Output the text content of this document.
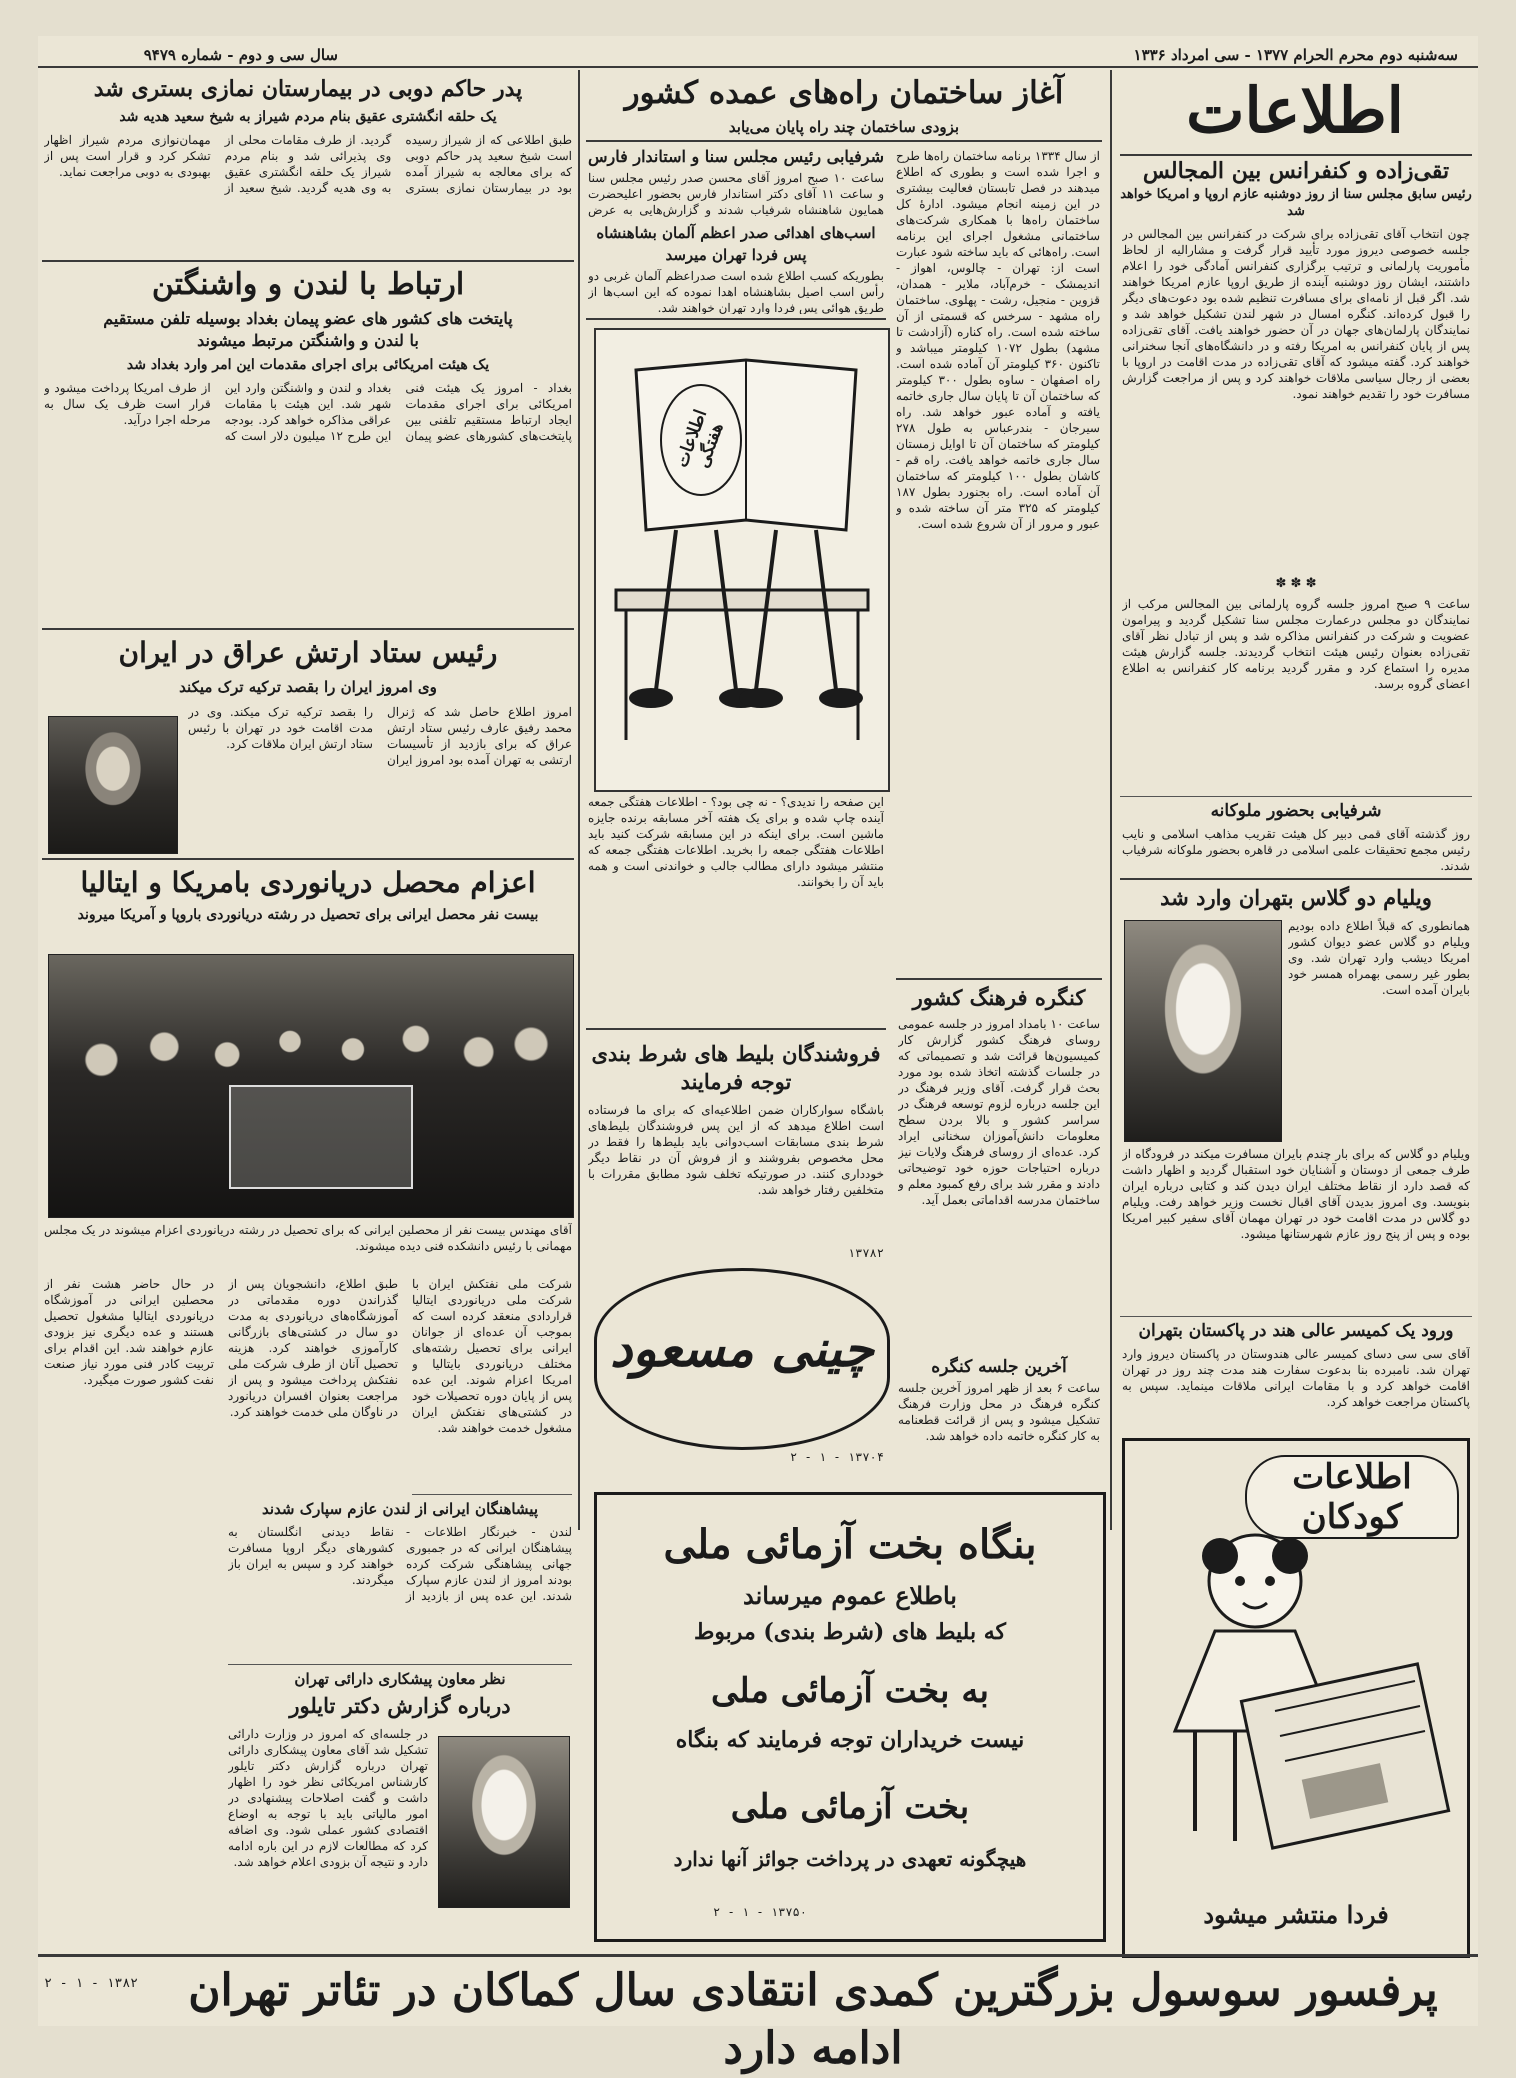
سه‌شنبه دوم محرم الحرام ۱۳۷۷ - سی امرداد ۱۳۳۶
سال سی و دوم - شماره ۹۴۷۹
اطلاعات
تقی‌زاده و کنفرانس بین المجالس
رئیس سابق مجلس سنا از روز دوشنبه عازم اروپا و امریکا خواهد شد
چون انتخاب آقای تقی‌زاده برای شرکت در کنفرانس بین المجالس در جلسه خصوصی دیروز مورد تأیید قرار گرفت و مشارالیه از لحاظ مأموریت پارلمانی و ترتیب برگزاری کنفرانس آمادگی خود را اعلام داشتند، ایشان روز دوشنبه آینده از طریق اروپا عازم امریکا خواهند شد. اگر قبل از نامه‌ای برای مسافرت تنظیم شده بود دعوت‌های دیگر را قبول کرده‌اند. کنگره امسال در شهر لندن تشکیل خواهد شد و نمایندگان پارلمان‌های جهان در آن حضور خواهند یافت. آقای تقی‌زاده پس از پایان کنفرانس به امریکا رفته و در دانشگاه‌های آنجا سخنرانی خواهند کرد. گفته میشود که آقای تقی‌زاده در مدت اقامت در اروپا با بعضی از رجال سیاسی ملاقات خواهند کرد و پس از مراجعت گزارش مسافرت خود را تقدیم خواهند نمود.
✽ ✽ ✽
ساعت ۹ صبح امروز جلسه گروه پارلمانی بین المجالس مرکب از نمایندگان دو مجلس درعمارت مجلس سنا تشکیل گردید و پیرامون عضویت و شرکت در کنفرانس مذاکره شد و پس از تبادل نظر آقای تقی‌زاده بعنوان رئیس هیئت انتخاب گردیدند. جلسه گزارش هیئت مدیره را استماع کرد و مقرر گردید برنامه کار کنفرانس به اطلاع اعضای گروه برسد.
شرفیابی بحضور ملوکانه
روز گذشته آقای قمی دبیر کل هیئت تقریب مذاهب اسلامی و نایب رئیس مجمع تحقیقات علمی اسلامی در قاهره بحضور ملوکانه شرفیاب شدند.
ویلیام دو گلاس بتهران وارد شد
همانطوری که قبلاً اطلاع داده بودیم ویلیام دو گلاس عضو دیوان کشور امریکا دیشب وارد تهران شد. وی بطور غیر رسمی بهمراه همسر خود بایران آمده است.
ویلیام دو گلاس که برای بار چندم بایران مسافرت میکند در فرودگاه از طرف جمعی از دوستان و آشنایان خود استقبال گردید و اظهار داشت که قصد دارد از نقاط مختلف ایران دیدن کند و کتابی درباره ایران بنویسد. وی امروز بدیدن آقای اقبال نخست وزیر خواهد رفت. ویلیام دو گلاس در مدت اقامت خود در تهران مهمان آقای سفیر کبیر امریکا بوده و پس از پنج روز عازم شهرستانها میشود.
ورود یک کمیسر عالی هند در پاکستان بتهران
آقای سی سی‌ دسای کمیسر عالی هندوستان در پاکستان دیروز وارد تهران شد. نامبرده بنا بدعوت سفارت هند مدت چند روز در تهران اقامت خواهد کرد و با مقامات ایرانی ملاقات مینماید. سپس به پاکستان مراجعت خواهد کرد.
اطلاعات کودکان
فردا منتشر میشود
آغاز ساختمان راه‌های عمده کشور
بزودی ساختمان چند راه پایان می‌یابد
شرفیابی رئیس مجلس سنا و استاندار فارس
ساعت ۱۰ صبح امروز آقای محسن صدر رئیس مجلس سنا و ساعت ۱۱ آقای دکتر استاندار فارس بحضور اعلیحضرت همایون شاهنشاه شرفیاب شدند و گزارش‌هایی به عرض
اسب‌های اهدائی صدر اعظم آلمان بشاهنشاه پس فردا تهران میرسد
بطوریکه کسب اطلاع شده است صدراعظم آلمان غربی دو رأس اسب اصیل بشاهنشاه اهدا نموده که این اسب‌ها از طریق هوائی پس فردا وارد تهران خواهند شد.
از سال ۱۳۳۴ برنامه ساختمان راه‌ها طرح و اجرا شده است و بطوری که اطلاع میدهند در فصل تابستان فعالیت بیشتری در این زمینه انجام میشود. ادارهٔ کل ساختمان راه‌ها با همکاری شرکت‌های ساختمانی مشغول اجرای این برنامه است. راه‌هائی که باید ساخته شود عبارت است از: تهران - چالوس، اهواز - اندیمشک - خرم‌آباد، ملایر - همدان، قزوین - منجیل، رشت - پهلوی. ساختمان راه مشهد - سرخس که قسمتی از آن ساخته شده است. راه کناره (آزادشت تا مشهد) بطول ۱۰۷۲ کیلومتر میباشد و تاکنون ۳۶۰ کیلومتر آن آماده شده است. راه اصفهان - ساوه بطول ۳۰۰ کیلومتر که ساختمان آن تا پایان سال جاری خاتمه یافته و آماده عبور خواهد شد. راه سیرجان - بندرعباس به طول ۲۷۸ کیلومتر که ساختمان آن تا اوایل زمستان سال جاری خاتمه خواهد یافت. راه قم - کاشان بطول ۱۰۰ کیلومتر که ساختمان آن آماده است. راه بجنورد بطول ۱۸۷ کیلومتر که ۳۲۵ متر آن ساخته شده و عبور و مرور از آن شروع شده است.
اطلاعات هفتگی
این صفحه را ندیدی؟ - نه چی بود؟ - اطلاعات هفتگی جمعه آینده چاپ شده و برای یک هفته آخر مسابقه برنده جایزه ماشین است. برای اینکه در این مسابقه شرکت کنید باید اطلاعات هفتگی جمعه را بخرید. اطلاعات هفتگی جمعه که منتشر میشود دارای مطالب جالب و خواندنی است و همه باید آن را بخوانند.
فروشندگان بلیط های شرط بندی
توجه فرمایند
باشگاه سوارکاران ضمن اطلاعیه‌ای که برای ما فرستاده است اطلاع میدهد که از این پس فروشندگان بلیط‌های شرط بندی مسابقات اسب‌دوانی باید بلیط‌ها را فقط در محل مخصوص بفروشند و از فروش آن در نقاط دیگر خودداری کنند. در صورتیکه تخلف شود مطابق مقررات با متخلفین رفتار خواهد شد.
۱۳۷۸۲
کنگره فرهنگ کشور
ساعت ۱۰ بامداد امروز در جلسه عمومی روسای فرهنگ کشور گزارش کار کمیسیون‌ها قرائت شد و تصمیماتی که در جلسات گذشته اتخاذ شده بود مورد بحث قرار گرفت. آقای وزیر فرهنگ در این جلسه درباره لزوم توسعه فرهنگ در سراسر کشور و بالا بردن سطح معلومات دانش‌آموزان سخنانی ایراد کرد. عده‌ای از روسای فرهنگ ولایات نیز درباره احتیاجات حوزه خود توضیحاتی دادند و مقرر شد برای رفع کمبود معلم و ساختمان مدرسه اقداماتی بعمل آید.
آخرین جلسه کنگره
ساعت ۶ بعد از ظهر امروز آخرین جلسه کنگره فرهنگ در محل وزارت فرهنگ تشکیل میشود و پس از قرائت قطعنامه به کار کنگره خاتمه داده خواهد شد.
چینی مسعود
۱۳۷۰۴ - ۱ - ۲
پدر حاکم دوبی در بیمارستان نمازی بستری شد
یک حلقه انگشتری عقیق بنام مردم شیراز به شیخ سعید هدیه شد
طبق اطلاعی که از شیراز رسیده است شیخ سعید پدر حاکم دوبی که برای معالجه به شیراز آمده بود در بیمارستان نمازی بستری گردید. از طرف مقامات محلی از وی پذیرائی شد و بنام مردم شیراز یک حلقه انگشتری عقیق به وی هدیه گردید. شیخ سعید از مهمان‌نوازی مردم شیراز اظهار تشکر کرد و قرار است پس از بهبودی به دوبی مراجعت نماید.
ارتباط با لندن و واشنگتن
پایتخت های کشور های عضو پیمان بغداد بوسیله تلفن مستقیم
با لندن و واشنگتن مرتبط میشوند
یک هیئت امریکائی برای اجرای مقدمات این امر وارد بغداد شد
بغداد - امروز یک هیئت فنی امریکائی برای اجرای مقدمات ایجاد ارتباط مستقیم تلفنی بین پایتخت‌های کشورهای عضو پیمان بغداد و لندن و واشنگتن وارد این شهر شد. این هیئت با مقامات عراقی مذاکره خواهد کرد. بودجه این طرح ۱۲ میلیون دلار است که از طرف امریکا پرداخت میشود و قرار است ظرف یک سال به مرحله اجرا درآید.
رئیس ستاد ارتش عراق در ایران
وی امروز ایران را بقصد ترکیه ترک میکند
امروز اطلاع حاصل شد که ژنرال محمد رفیق عارف رئیس ستاد ارتش عراق که برای بازدید از تأسیسات ارتشی به تهران آمده بود امروز ایران را بقصد ترکیه ترک میکند. وی در مدت اقامت خود در تهران با رئیس ستاد ارتش ایران ملاقات کرد.
اعزام محصل دریانوردی بامریکا و ایتالیا
بیست نفر محصل ایرانی برای تحصیل در رشته دریانوردی باروپا و آمریکا میروند
آقای مهندس بیست نفر از محصلین ایرانی که برای تحصیل در رشته دریانوردی اعزام میشوند در یک مجلس مهمانی با رئیس دانشکده فنی دیده میشوند.
شرکت ملی نفتکش ایران با شرکت ملی دریانوردی ایتالیا قراردادی منعقد کرده است که بموجب آن عده‌ای از جوانان ایرانی برای تحصیل رشته‌های مختلف دریانوردی بایتالیا و امریکا اعزام شوند. این عده پس از پایان دوره تحصیلات خود در کشتی‌های نفتکش ایران مشغول خدمت خواهند شد.
طبق اطلاع، دانشجویان پس از گذراندن دوره مقدماتی در آموزشگاه‌های دریانوردی به مدت دو سال در کشتی‌های بازرگانی کارآموزی خواهند کرد. هزینه تحصیل آنان از طرف شرکت ملی نفتکش پرداخت میشود و پس از مراجعت بعنوان افسران دریانورد در ناوگان ملی خدمت خواهند کرد.
در حال حاضر هشت نفر از محصلین ایرانی در آموزشگاه دریانوردی ایتالیا مشغول تحصیل هستند و عده دیگری نیز بزودی عازم خواهند شد. این اقدام برای تربیت کادر فنی مورد نیاز صنعت نفت کشور صورت میگیرد.
پیشاهنگان ایرانی از لندن عازم سپارک شدند
لندن - خبرنگار اطلاعات - پیشاهنگان ایرانی که در جمبوری جهانی پیشاهنگی شرکت کرده بودند امروز از لندن عازم سپارک شدند. این عده پس از بازدید از نقاط دیدنی انگلستان به کشورهای دیگر اروپا مسافرت خواهند کرد و سپس به ایران باز میگردند.
نظر معاون پیشکاری دارائی تهران
درباره گزارش دکتر تایلور
در جلسه‌ای که امروز در وزارت دارائی تشکیل شد آقای معاون پیشکاری دارائی تهران درباره گزارش دکتر تایلور کارشناس امریکائی نظر خود را اظهار داشت و گفت اصلاحات پیشنهادی در امور مالیاتی باید با توجه به اوضاع اقتصادی کشور عملی شود. وی اضافه کرد که مطالعات لازم در این باره ادامه دارد و نتیجه آن بزودی اعلام خواهد شد.
بنگاه بخت آزمائی ملی
باطلاع عموم میرساند
که بلیط های (شرط بندی) مربوط
به بخت آزمائی ملی
نیست خریداران توجه فرمایند که بنگاه
بخت آزمائی ملی
هیچگونه تعهدی در پرداخت جوائز آنها ندارد
۱۳۷۵۰ - ۱ - ۲
پرفسور سوسول بزرگترین کمدی انتقادی سال کماکان در تئاتر تهران ادامه دارد
۱۳۸۲ - ۱ - ۲
